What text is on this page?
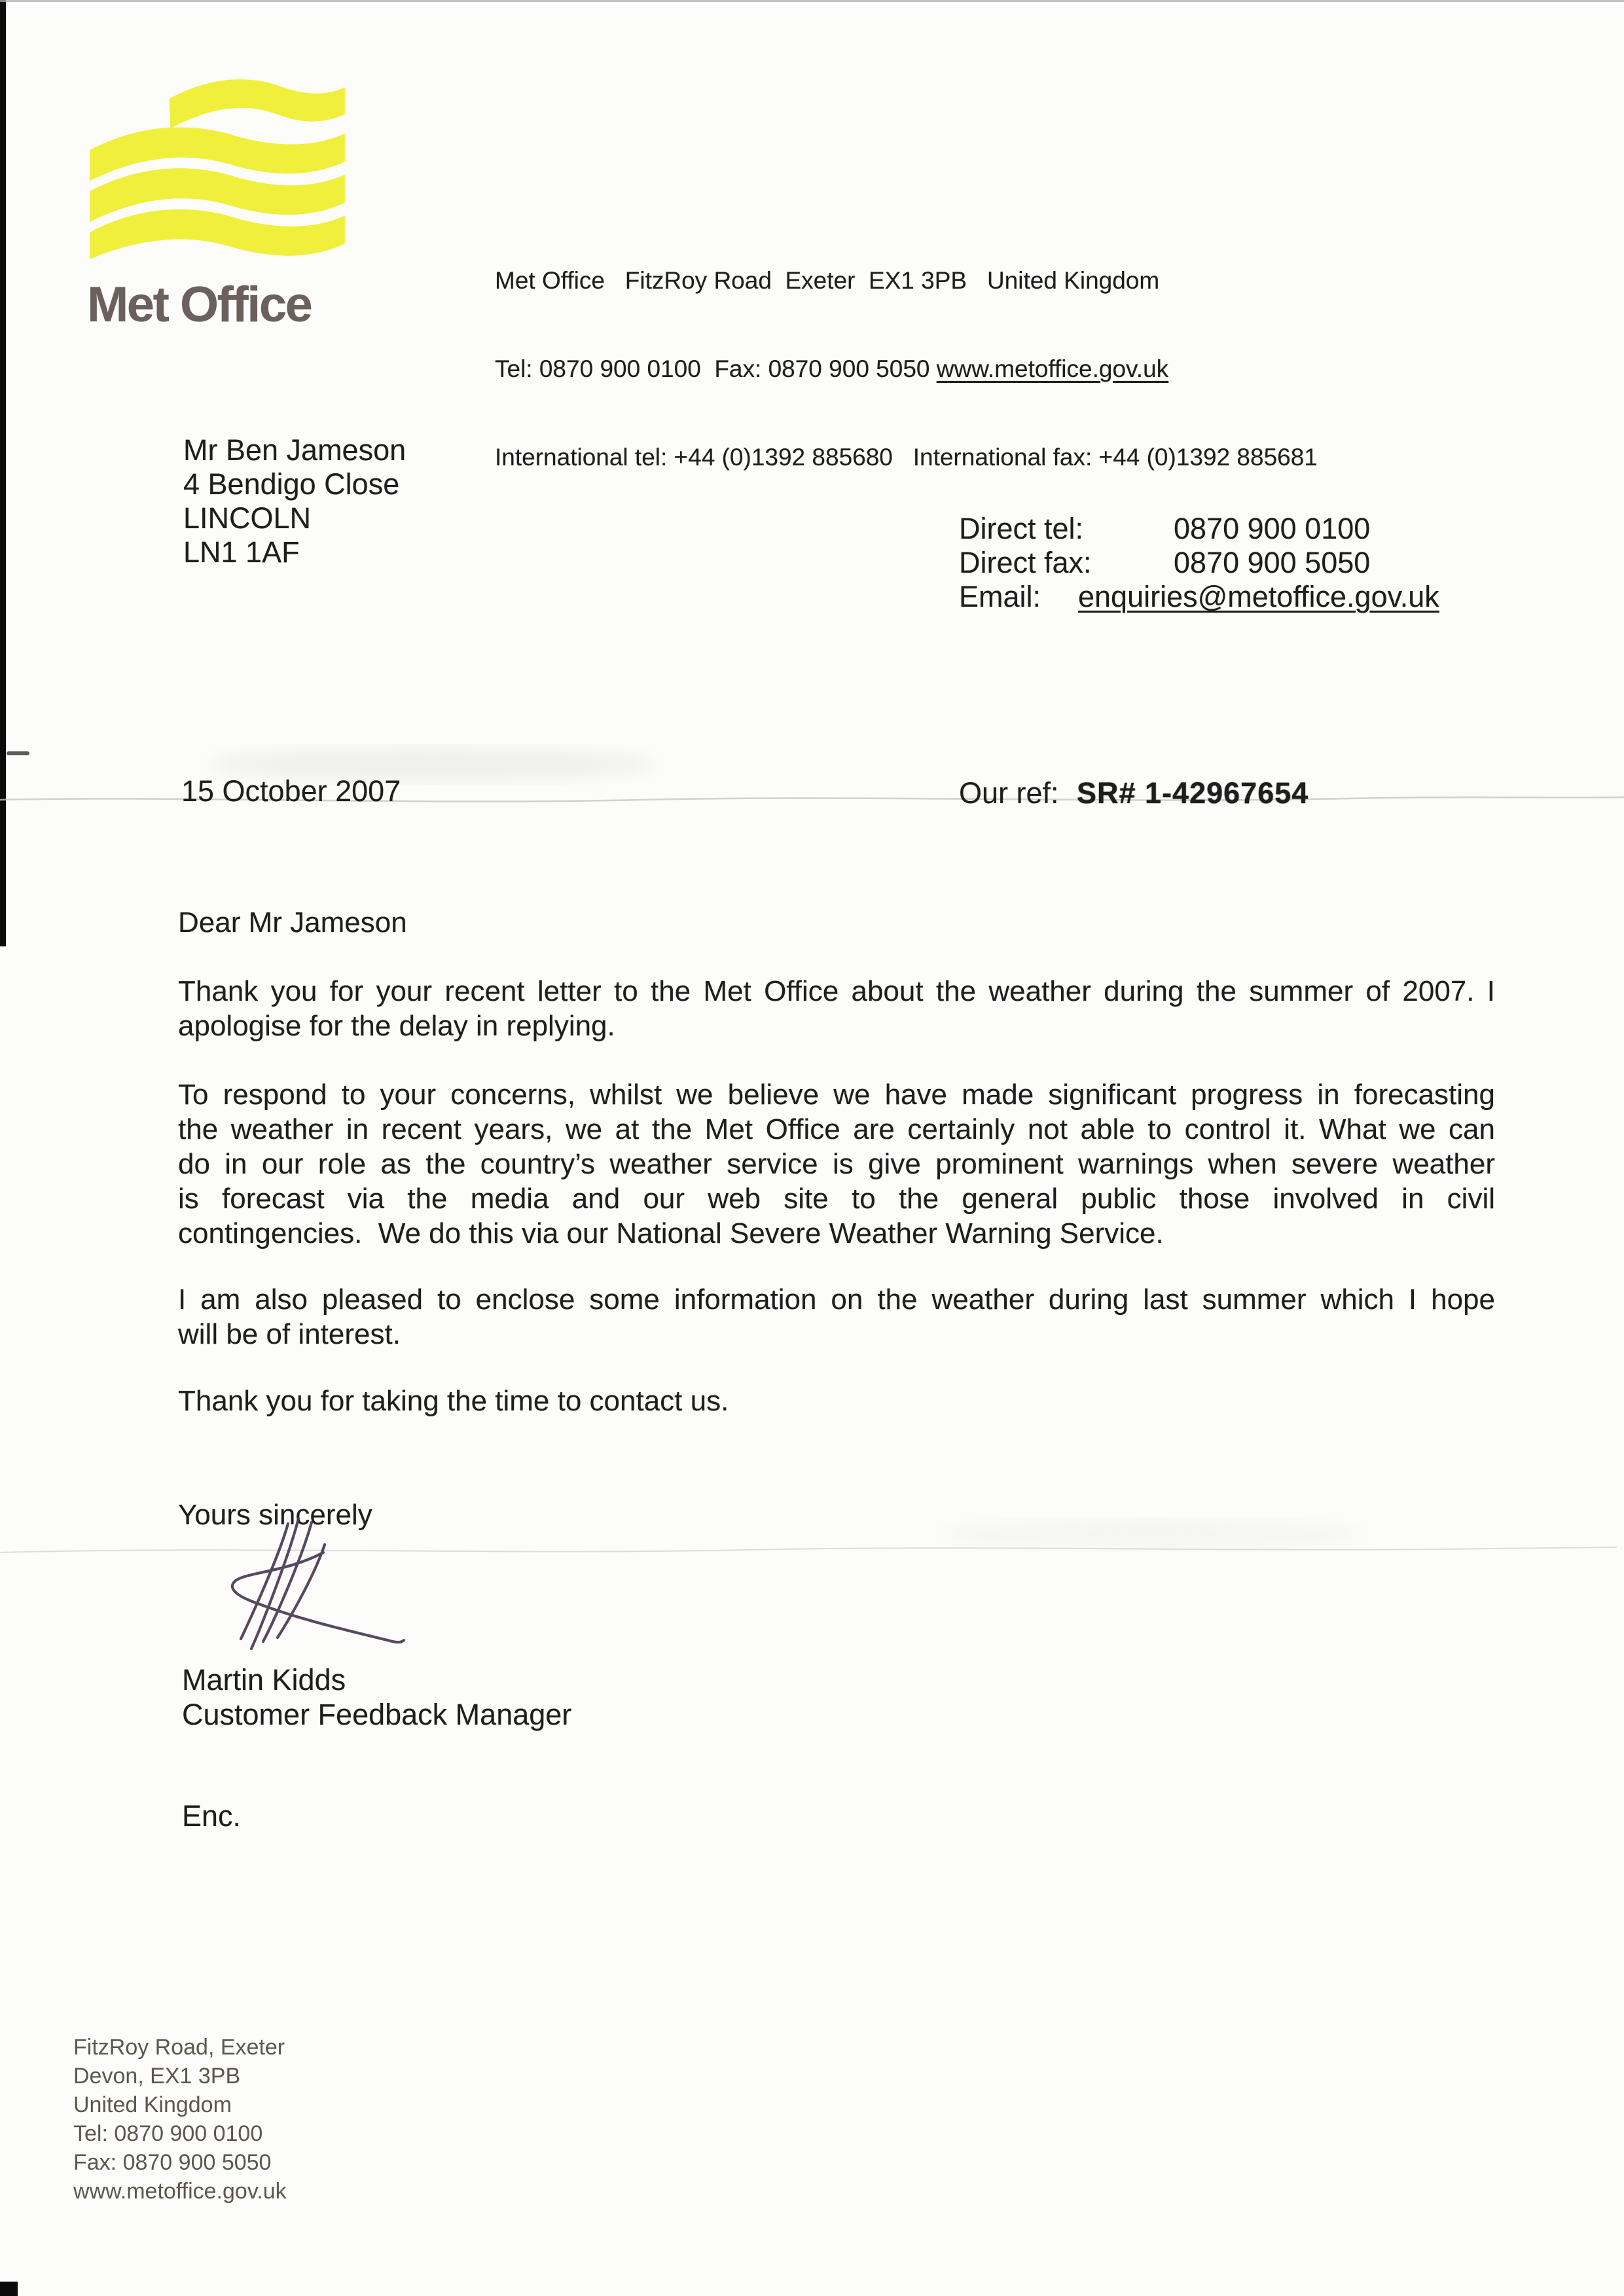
Met Office

	Met Office   FitzRoy Road  Exeter  EX1 3PB   United Kingdom

Tel: 0870 900 0100  Fax: 0870 900 5050 www.metoffice.gov.uk

International tel: +44 (0)1392 885680   International fax: +44 (0)1392 885681

Mr Ben Jameson
4 Bendigo Close
LINCOLN
LN1 1AF
Direct tel:	0870 900 0100
Direct fax:	0870 900 5050
Email: enquiries@metoffice.gov.uk
15 October 2007	Our ref: SR# 1-42967654
Dear Mr Jameson
Thank you for your recent letter to the Met Office about the weather during the summer of 2007. I
apologise for the delay in replying.
To respond to your concerns, whilst we believe we have made significant progress in forecasting
the weather in recent years, we at the Met Office are certainly not able to control it. What we can
do in our role as the country’s weather service is give prominent warnings when severe weather
is forecast via the media and our web site to the general public those involved in civil
contingencies.  We do this via our National Severe Weather Warning Service.
I am also pleased to enclose some information on the weather during last summer which I hope
will be of interest.
Thank you for taking the time to contact us.
Yours sincerely
Martin Kidds
Customer Feedback Manager
Enc.
FitzRoy Road, Exeter
Devon, EX1 3PB
United Kingdom
Tel: 0870 900 0100
Fax: 0870 900 5050
www.metoffice.gov.uk
